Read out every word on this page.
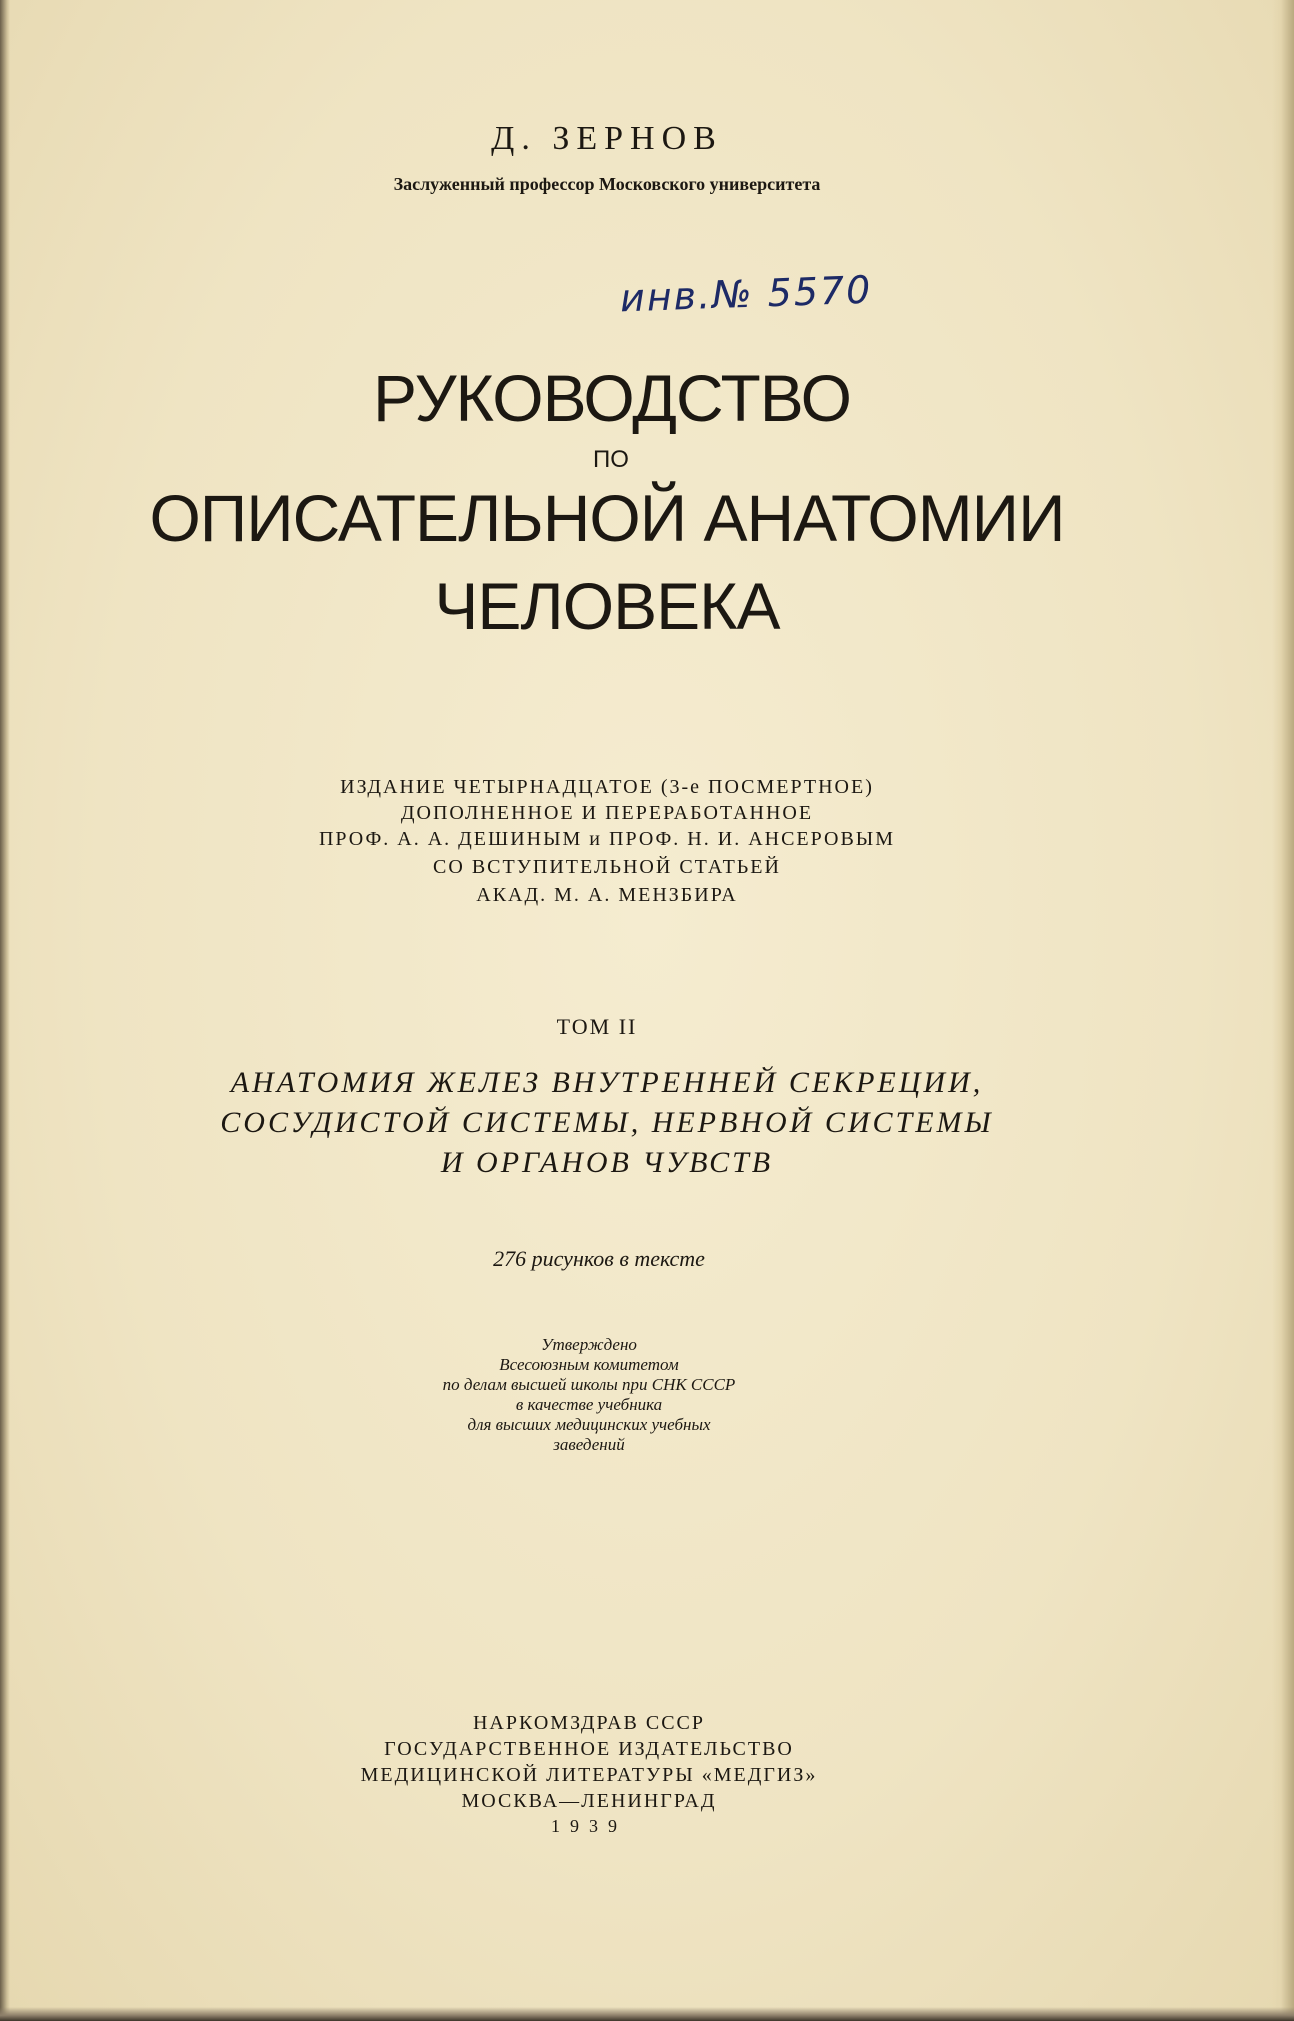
Д. ЗЕРНОВ
Заслуженный профессор Московского университета
инв.№ 5570
РУКОВОДСТВО
ПО
ОПИСАТЕЛЬНОЙ АНАТОМИИ
ЧЕЛОВЕКА
ИЗДАНИЕ ЧЕТЫРНАДЦАТОЕ (3-е ПОСМЕРТНОЕ)
ДОПОЛНЕННОЕ И ПЕРЕРАБОТАННОЕ
ПРОФ. А. А. ДЕШИНЫМ и ПРОФ. Н. И. АНСЕРОВЫМ
СО ВСТУПИТЕЛЬНОЙ СТАТЬЕЙ
АКАД. М. А. МЕНЗБИРА
ТОМ II
АНАТОМИЯ ЖЕЛЕЗ ВНУТРЕННЕЙ СЕКРЕЦИИ,
СОСУДИСТОЙ СИСТЕМЫ, НЕРВНОЙ СИСТЕМЫ
И ОРГАНОВ ЧУВСТВ
276 рисунков в тексте
Утверждено
Всесоюзным комитетом
по делам высшей школы при СНК СССР
в качестве учебника
для высших медицинских учебных
заведений
НАРКОМЗДРАВ СССР
ГОСУДАРСТВЕННОЕ ИЗДАТЕЛЬСТВО
МЕДИЦИНСКОЙ ЛИТЕРАТУРЫ «МЕДГИЗ»
МОСКВА—ЛЕНИНГРАД
1939
